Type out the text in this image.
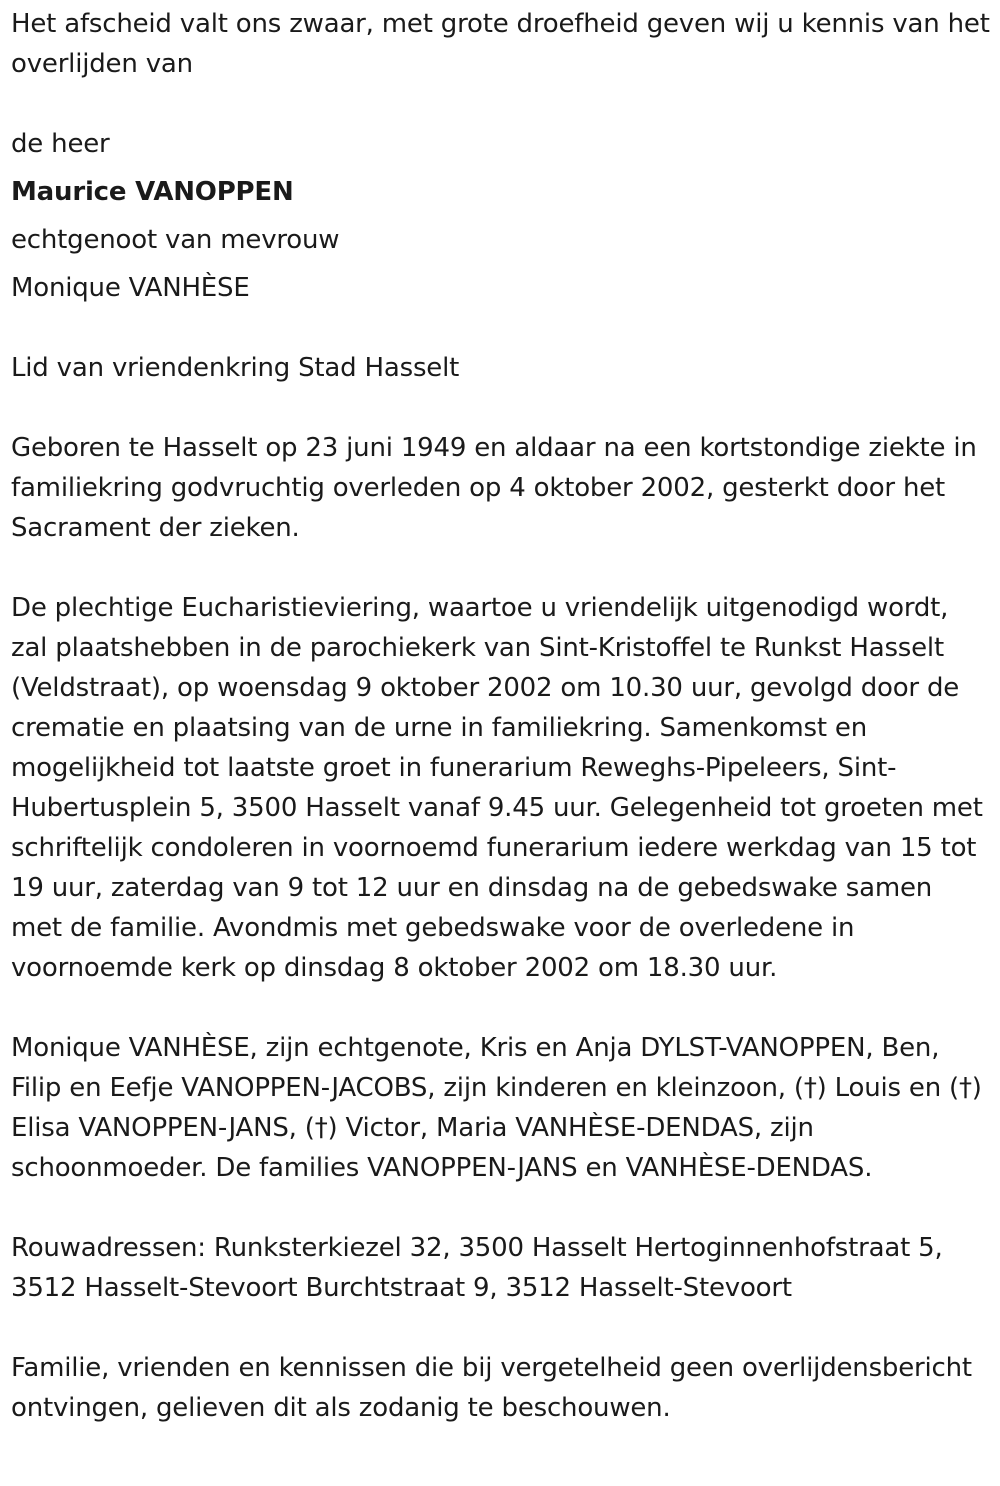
Het afscheid valt ons zwaar, met grote droefheid geven wij u kennis van het overlijden van

de heer

Maurice VANOPPEN

echtgenoot van mevrouw

Monique VANHÈSE

Lid van vriendenkring Stad Hasselt

Geboren te Hasselt op 23 juni 1949 en aldaar na een kortstondige ziekte in familiekring godvruchtig overleden op 4 oktober 2002, gesterkt door het Sacrament der zieken.

De plechtige Eucharistieviering, waartoe u vriendelijk uitgenodigd wordt, zal plaatshebben in de parochiekerk van Sint-Kristoffel te Runkst Hasselt (Veldstraat), op woensdag 9 oktober 2002 om 10.30 uur, gevolgd door de crematie en plaatsing van de urne in familiekring. Samenkomst en mogelijkheid tot laatste groet in funerarium Reweghs-Pipeleers, Sint-Hubertusplein 5, 3500 Hasselt vanaf 9.45 uur. Gelegenheid tot groeten met schriftelijk condoleren in voornoemd funerarium iedere werkdag van 15 tot 19 uur, zaterdag van 9 tot 12 uur en dinsdag na de gebedswake samen met de familie. Avondmis met gebedswake voor de overledene in voornoemde kerk op dinsdag 8 oktober 2002 om 18.30 uur.

Monique VANHÈSE, zijn echtgenote, Kris en Anja DYLST-VANOPPEN, Ben, Filip en Eefje VANOPPEN-JACOBS, zijn kinderen en kleinzoon, (†) Louis en (†) Elisa VANOPPEN-JANS, (†) Victor, Maria VANHÈSE-DENDAS, zijn schoonmoeder. De families VANOPPEN-JANS en VANHÈSE-DENDAS.

Rouwadressen: Runksterkiezel 32, 3500 Hasselt Hertoginnenhofstraat 5, 3512 Hasselt-Stevoort Burchtstraat 9, 3512 Hasselt-Stevoort

Familie, vrienden en kennissen die bij vergetelheid geen overlijdensbericht ontvingen, gelieven dit als zodanig te beschouwen.
